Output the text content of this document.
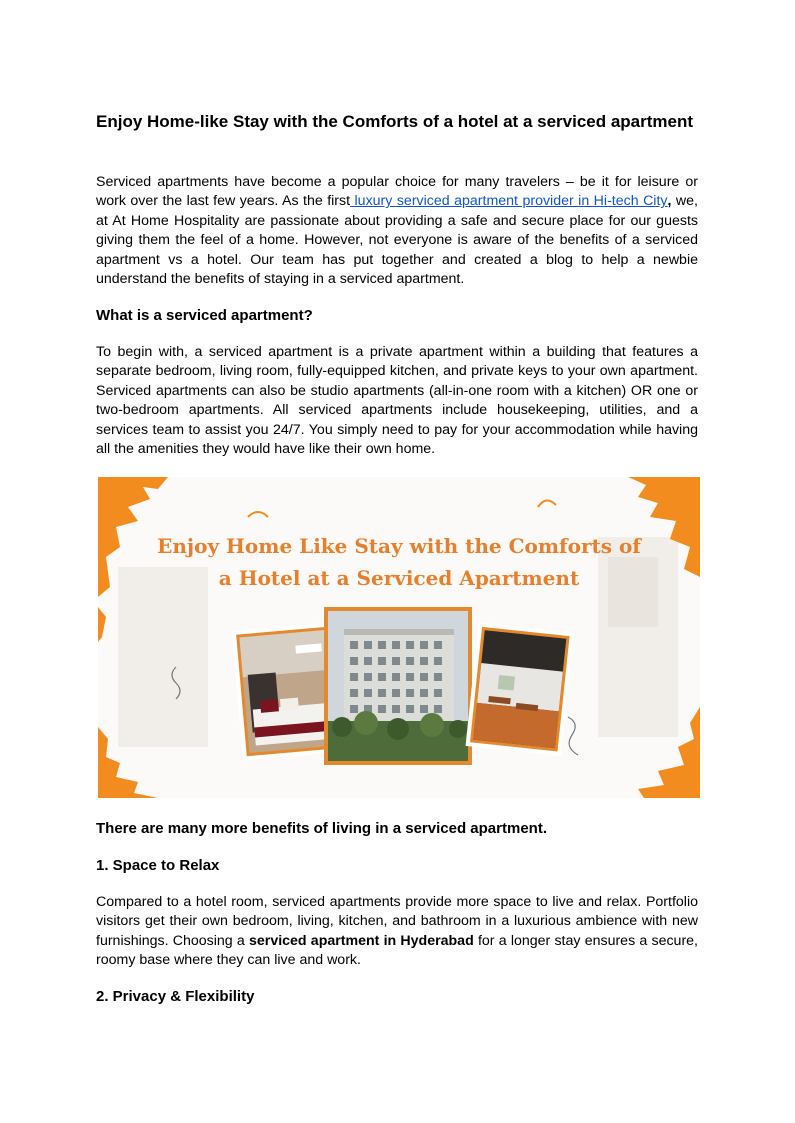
Enjoy Home-like Stay with the Comforts of a hotel at a serviced apartment

Serviced apartments have become a popular choice for many travelers – be it for leisure or work over the last few years. As the first luxury serviced apartment provider in Hi-tech City, we, at At Home Hospitality are passionate about providing a safe and secure place for our guests giving them the feel of a home. However, not everyone is aware of the benefits of a serviced apartment vs a hotel. Our team has put together and created a blog to help a newbie understand the benefits of staying in a serviced apartment.

What is a serviced apartment?

To begin with, a serviced apartment is a private apartment within a building that features a separate bedroom, living room, fully-equipped kitchen, and private keys to your own apartment. Serviced apartments can also be studio apartments (all-in-one room with a kitchen) OR one or two-bedroom apartments. All serviced apartments include housekeeping, utilities, and a services team to assist you 24/7. You simply need to pay for your accommodation while having all the amenities they would have like their own home.

There are many more benefits of living in a serviced apartment.
1. Space to Relax

Compared to a hotel room, serviced apartments provide more space to live and relax. Portfolio visitors get their own bedroom, living, kitchen, and bathroom in a luxurious ambience with new furnishings. Choosing a serviced apartment in Hyderabad for a longer stay ensures a secure, roomy base where they can live and work.

2. Privacy & Flexibility
Enjoy Home Like Stay with the Comforts of
a Hotel at a Serviced Apartment
